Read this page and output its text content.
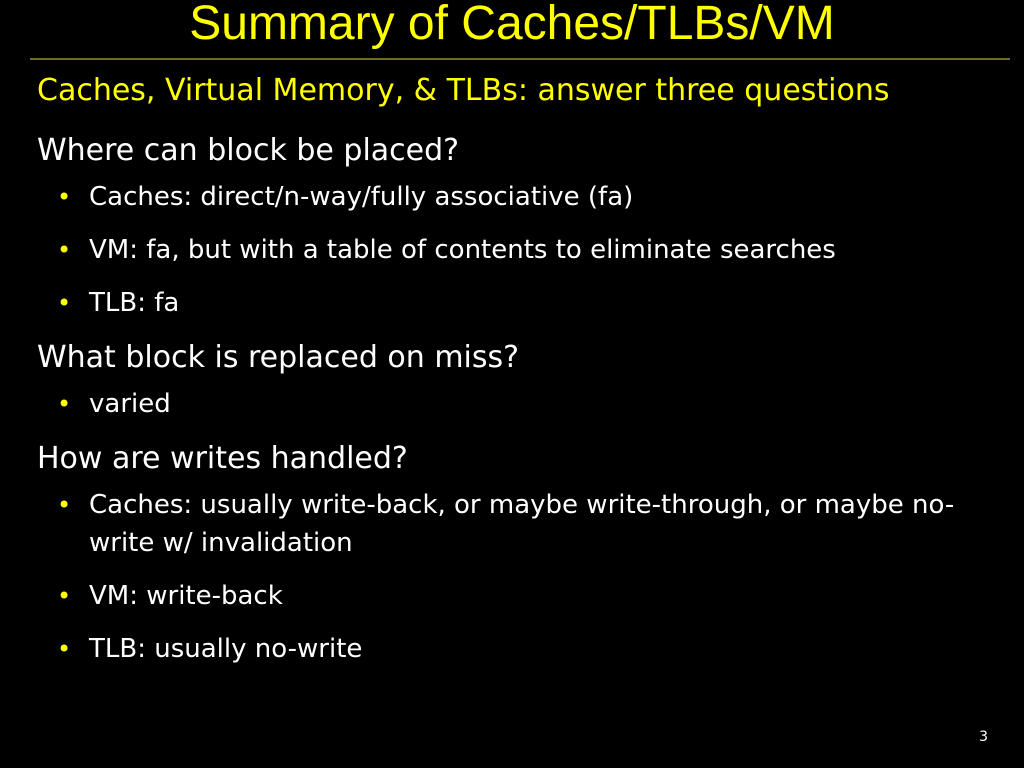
Summary of Caches/TLBs/VM
Caches, Virtual Memory, & TLBs: answer three questions

Where can block be placed?

• Caches: direct/n-way/fully associative (fa)
• VM: fa, but with a table of contents to eliminate searches
• TLB: fa

What block is replaced on miss?

• varied

How are writes handled?

• Caches: usually write-back, or maybe write-through, or maybe no-write w/ invalidation
• VM: write-back
• TLB: usually no-write
3
